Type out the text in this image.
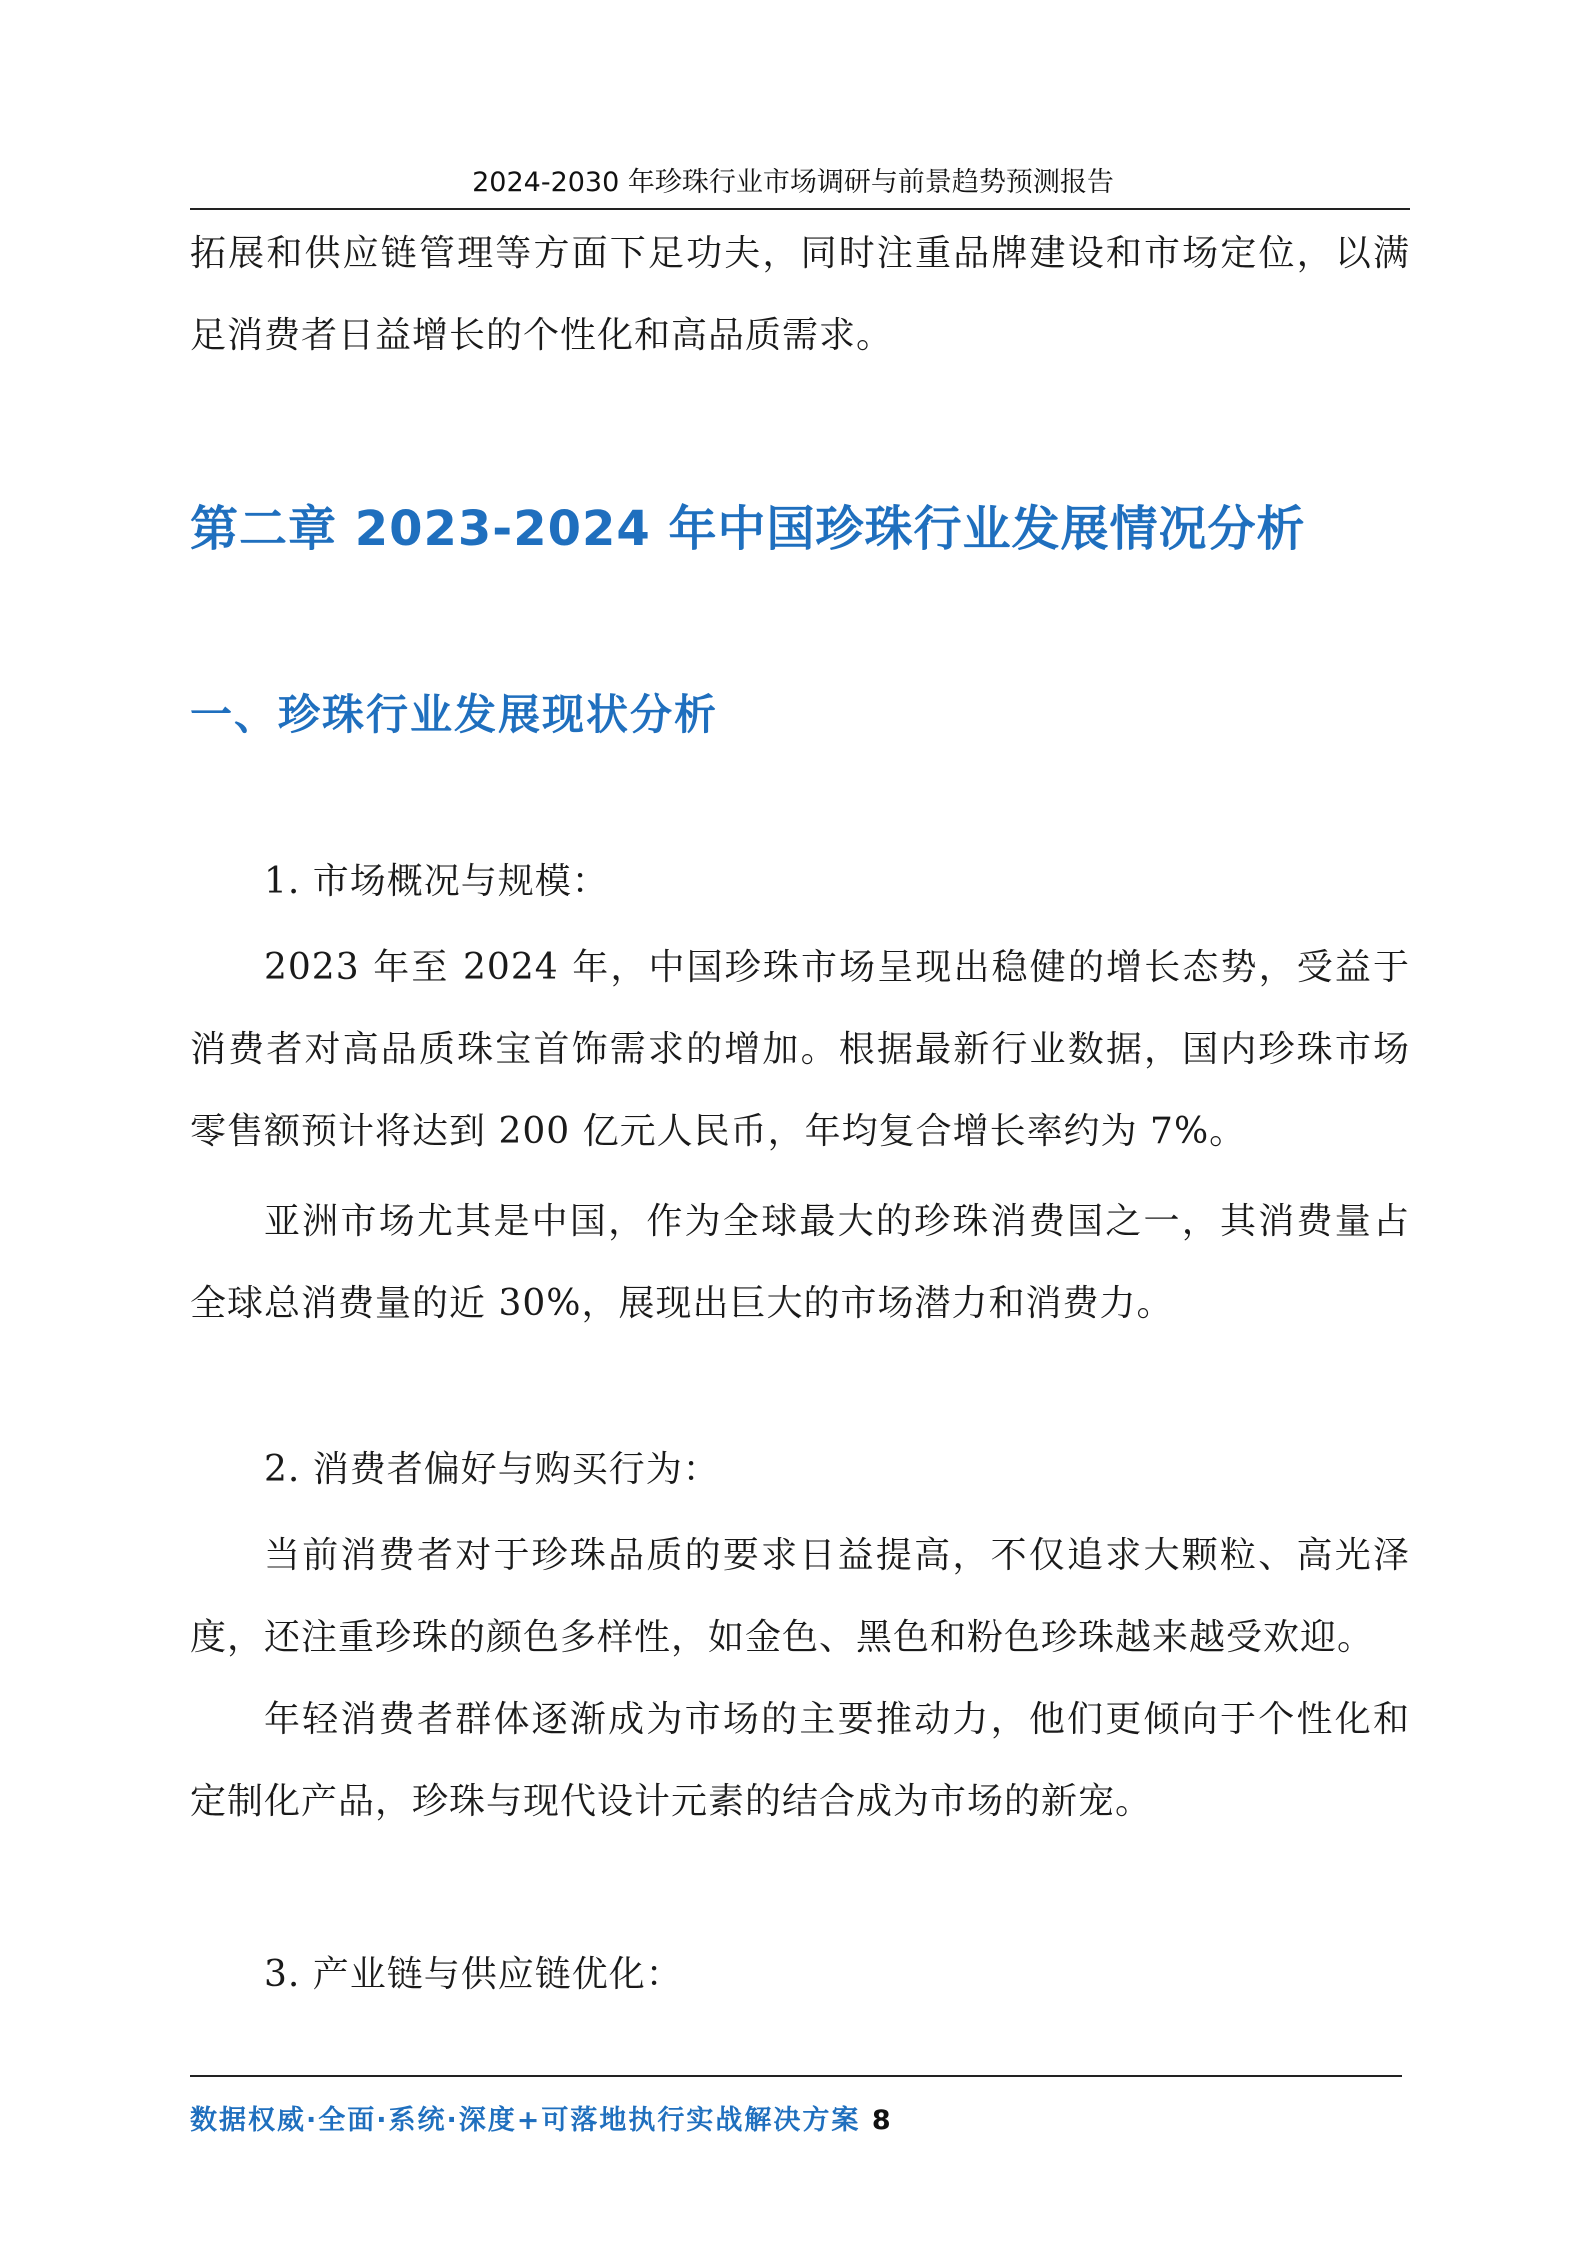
2024-2030 年珍珠行业市场调研与前景趋势预测报告

拓展和供应链管理等方面下足功夫，同时注重品牌建设和市场定位，以满足消费者日益增长的个性化和高品质需求。

第二章 2023-2024 年中国珍珠行业发展情况分析
一、珍珠行业发展现状分析

1. 市场概况与规模：

2023 年至 2024 年，中国珍珠市场呈现出稳健的增长态势，受益于消费者对高品质珠宝首饰需求的增加。根据最新行业数据，国内珍珠市场零售额预计将达到 200 亿元人民币，年均复合增长率约为 7%。

亚洲市场尤其是中国，作为全球最大的珍珠消费国之一，其消费量占全球总消费量的近 30%，展现出巨大的市场潜力和消费力。

2. 消费者偏好与购买行为：

当前消费者对于珍珠品质的要求日益提高，不仅追求大颗粒、高光泽度，还注重珍珠的颜色多样性，如金色、黑色和粉色珍珠越来越受欢迎。

年轻消费者群体逐渐成为市场的主要推动力，他们更倾向于个性化和定制化产品，珍珠与现代设计元素的结合成为市场的新宠。

3. 产业链与供应链优化：

数据权威·全面·系统·深度+可落地执行实战解决方案 8
